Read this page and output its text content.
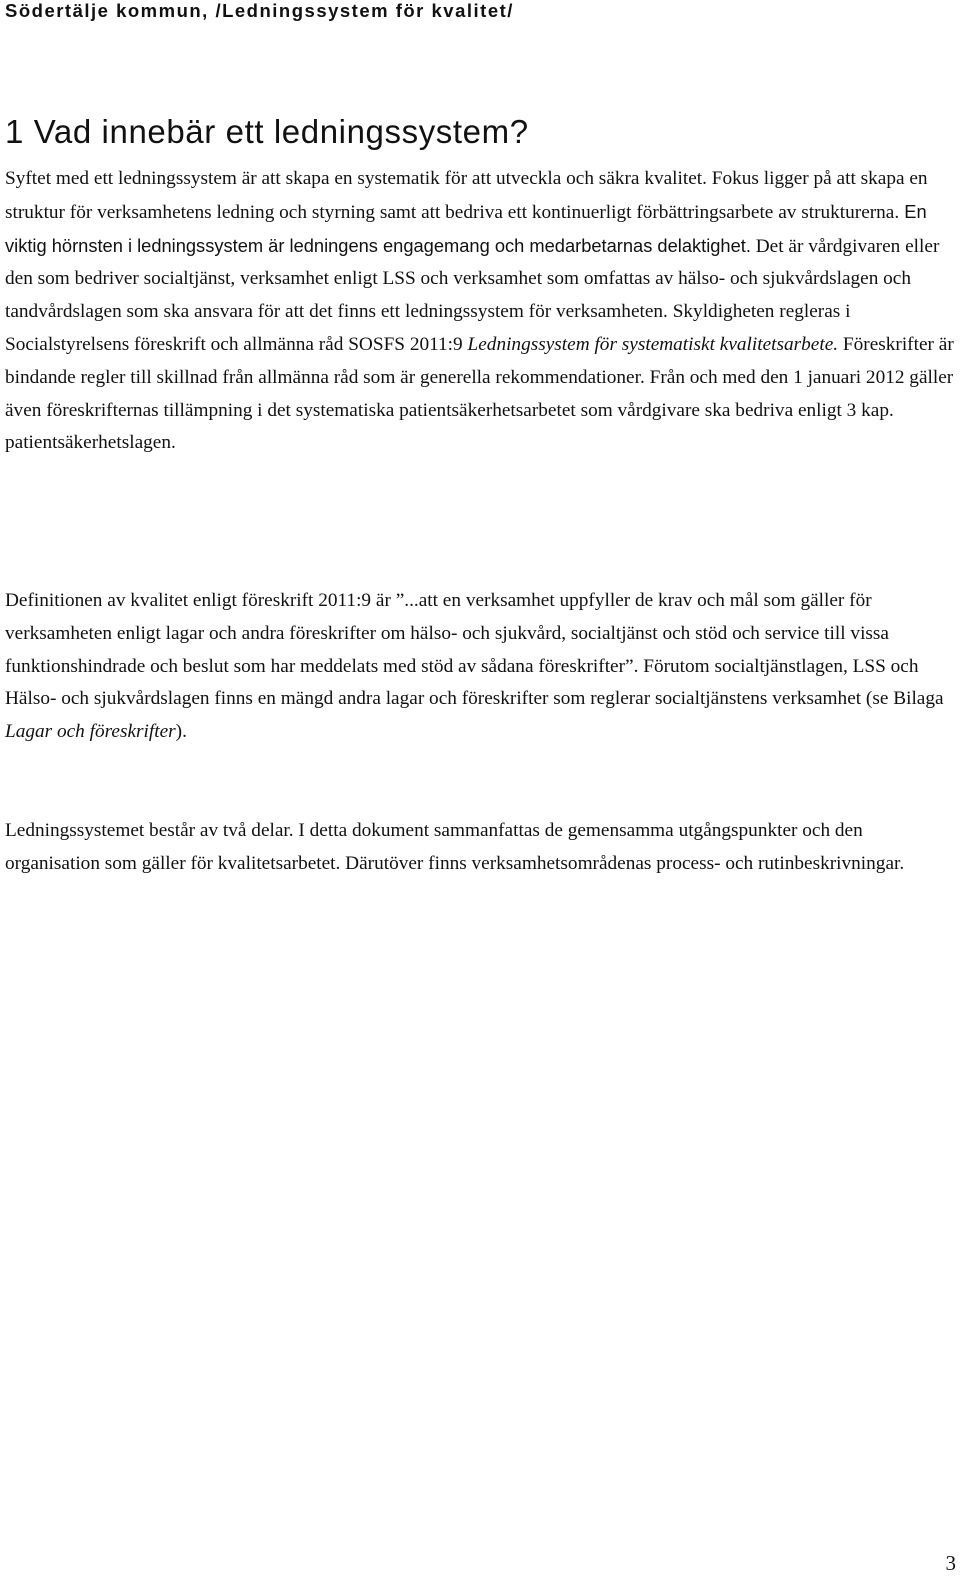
Södertälje kommun, /Ledningssystem för kvalitet/
1 Vad innebär ett ledningssystem?

Syftet med ett ledningssystem är att skapa en systematik för att utveckla och säkra kvalitet. Fokus ligger på att skapa en struktur för verksamhetens ledning och styrning samt att bedriva ett kontinuerligt förbättringsarbete av strukturerna. En viktig hörnsten i ledningssystem är ledningens engagemang och medarbetarnas delaktighet. Det är vårdgivaren eller den som bedriver socialtjänst, verksamhet enligt LSS och verksamhet som omfattas av hälso- och sjukvårdslagen och tandvårdslagen som ska ansvara för att det finns ett ledningssystem för verksamheten. Skyldigheten regleras i Socialstyrelsens föreskrift och allmänna råd SOSFS 2011:9 Ledningssystem för systematiskt kvalitetsarbete. Föreskrifter är bindande regler till skillnad från allmänna råd som är generella rekommendationer. Från och med den 1 januari 2012 gäller även föreskrifternas tillämpning i det systematiska patientsäkerhetsarbetet som vårdgivare ska bedriva enligt 3 kap. patientsäkerhetslagen.

Definitionen av kvalitet enligt föreskrift 2011:9 är ”...att en verksamhet uppfyller de krav och mål som gäller för verksamheten enligt lagar och andra föreskrifter om hälso- och sjukvård, socialtjänst och stöd och service till vissa funktionshindrade och beslut som har meddelats med stöd av sådana föreskrifter”. Förutom socialtjänstlagen, LSS och Hälso- och sjukvårdslagen finns en mängd andra lagar och föreskrifter som reglerar socialtjänstens verksamhet (se Bilaga Lagar och föreskrifter).

Ledningssystemet består av två delar. I detta dokument sammanfattas de gemensamma utgångspunkter och den organisation som gäller för kvalitetsarbetet. Därutöver finns verksamhetsområdenas process- och rutinbeskrivningar.

3
